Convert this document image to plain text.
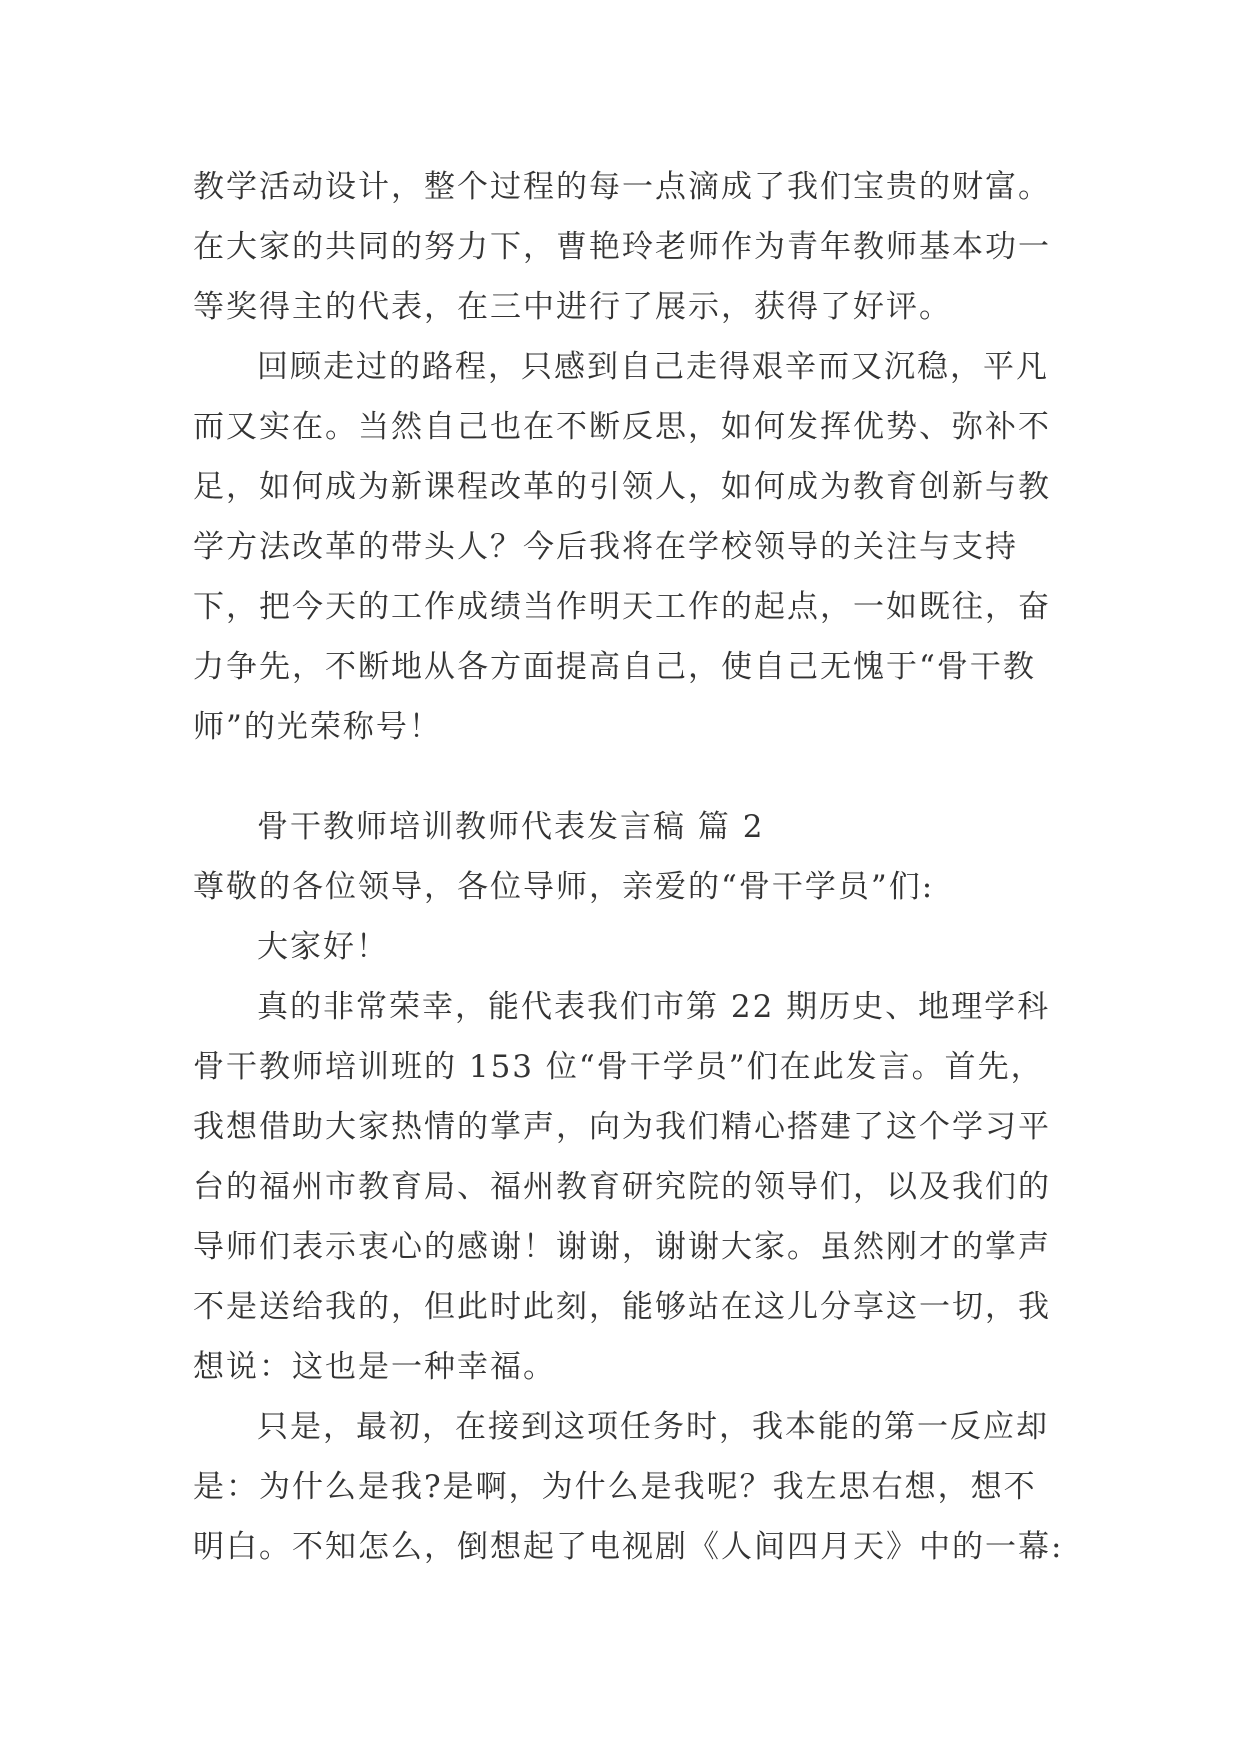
教学活动设计，整个过程的每一点滴成了我们宝贵的财富。
在大家的共同的努力下，曹艳玲老师作为青年教师基本功一
等奖得主的代表，在三中进行了展示，获得了好评。
回顾走过的路程，只感到自己走得艰辛而又沉稳，平凡
而又实在。当然自己也在不断反思，如何发挥优势、弥补不
足，如何成为新课程改革的引领人，如何成为教育创新与教
学方法改革的带头人？今后我将在学校领导的关注与支持
下，把今天的工作成绩当作明天工作的起点，一如既往，奋
力争先，不断地从各方面提高自己，使自己无愧于“骨干教
师”的光荣称号！
骨干教师培训教师代表发言稿 篇 2
尊敬的各位领导，各位导师，亲爱的“骨干学员”们:
大家好！
真的非常荣幸，能代表我们市第 22 期历史、地理学科
骨干教师培训班的 153 位“骨干学员”们在此发言。首先，
我想借助大家热情的掌声，向为我们精心搭建了这个学习平
台的福州市教育局、福州教育研究院的领导们，以及我们的
导师们表示衷心的感谢！谢谢，谢谢大家。虽然刚才的掌声
不是送给我的，但此时此刻，能够站在这儿分享这一切，我
想说：这也是一种幸福。
只是，最初，在接到这项任务时，我本能的第一反应却
是：为什么是我?是啊，为什么是我呢？我左思右想，想不
明白。不知怎么，倒想起了电视剧《人间四月天》中的一幕:
